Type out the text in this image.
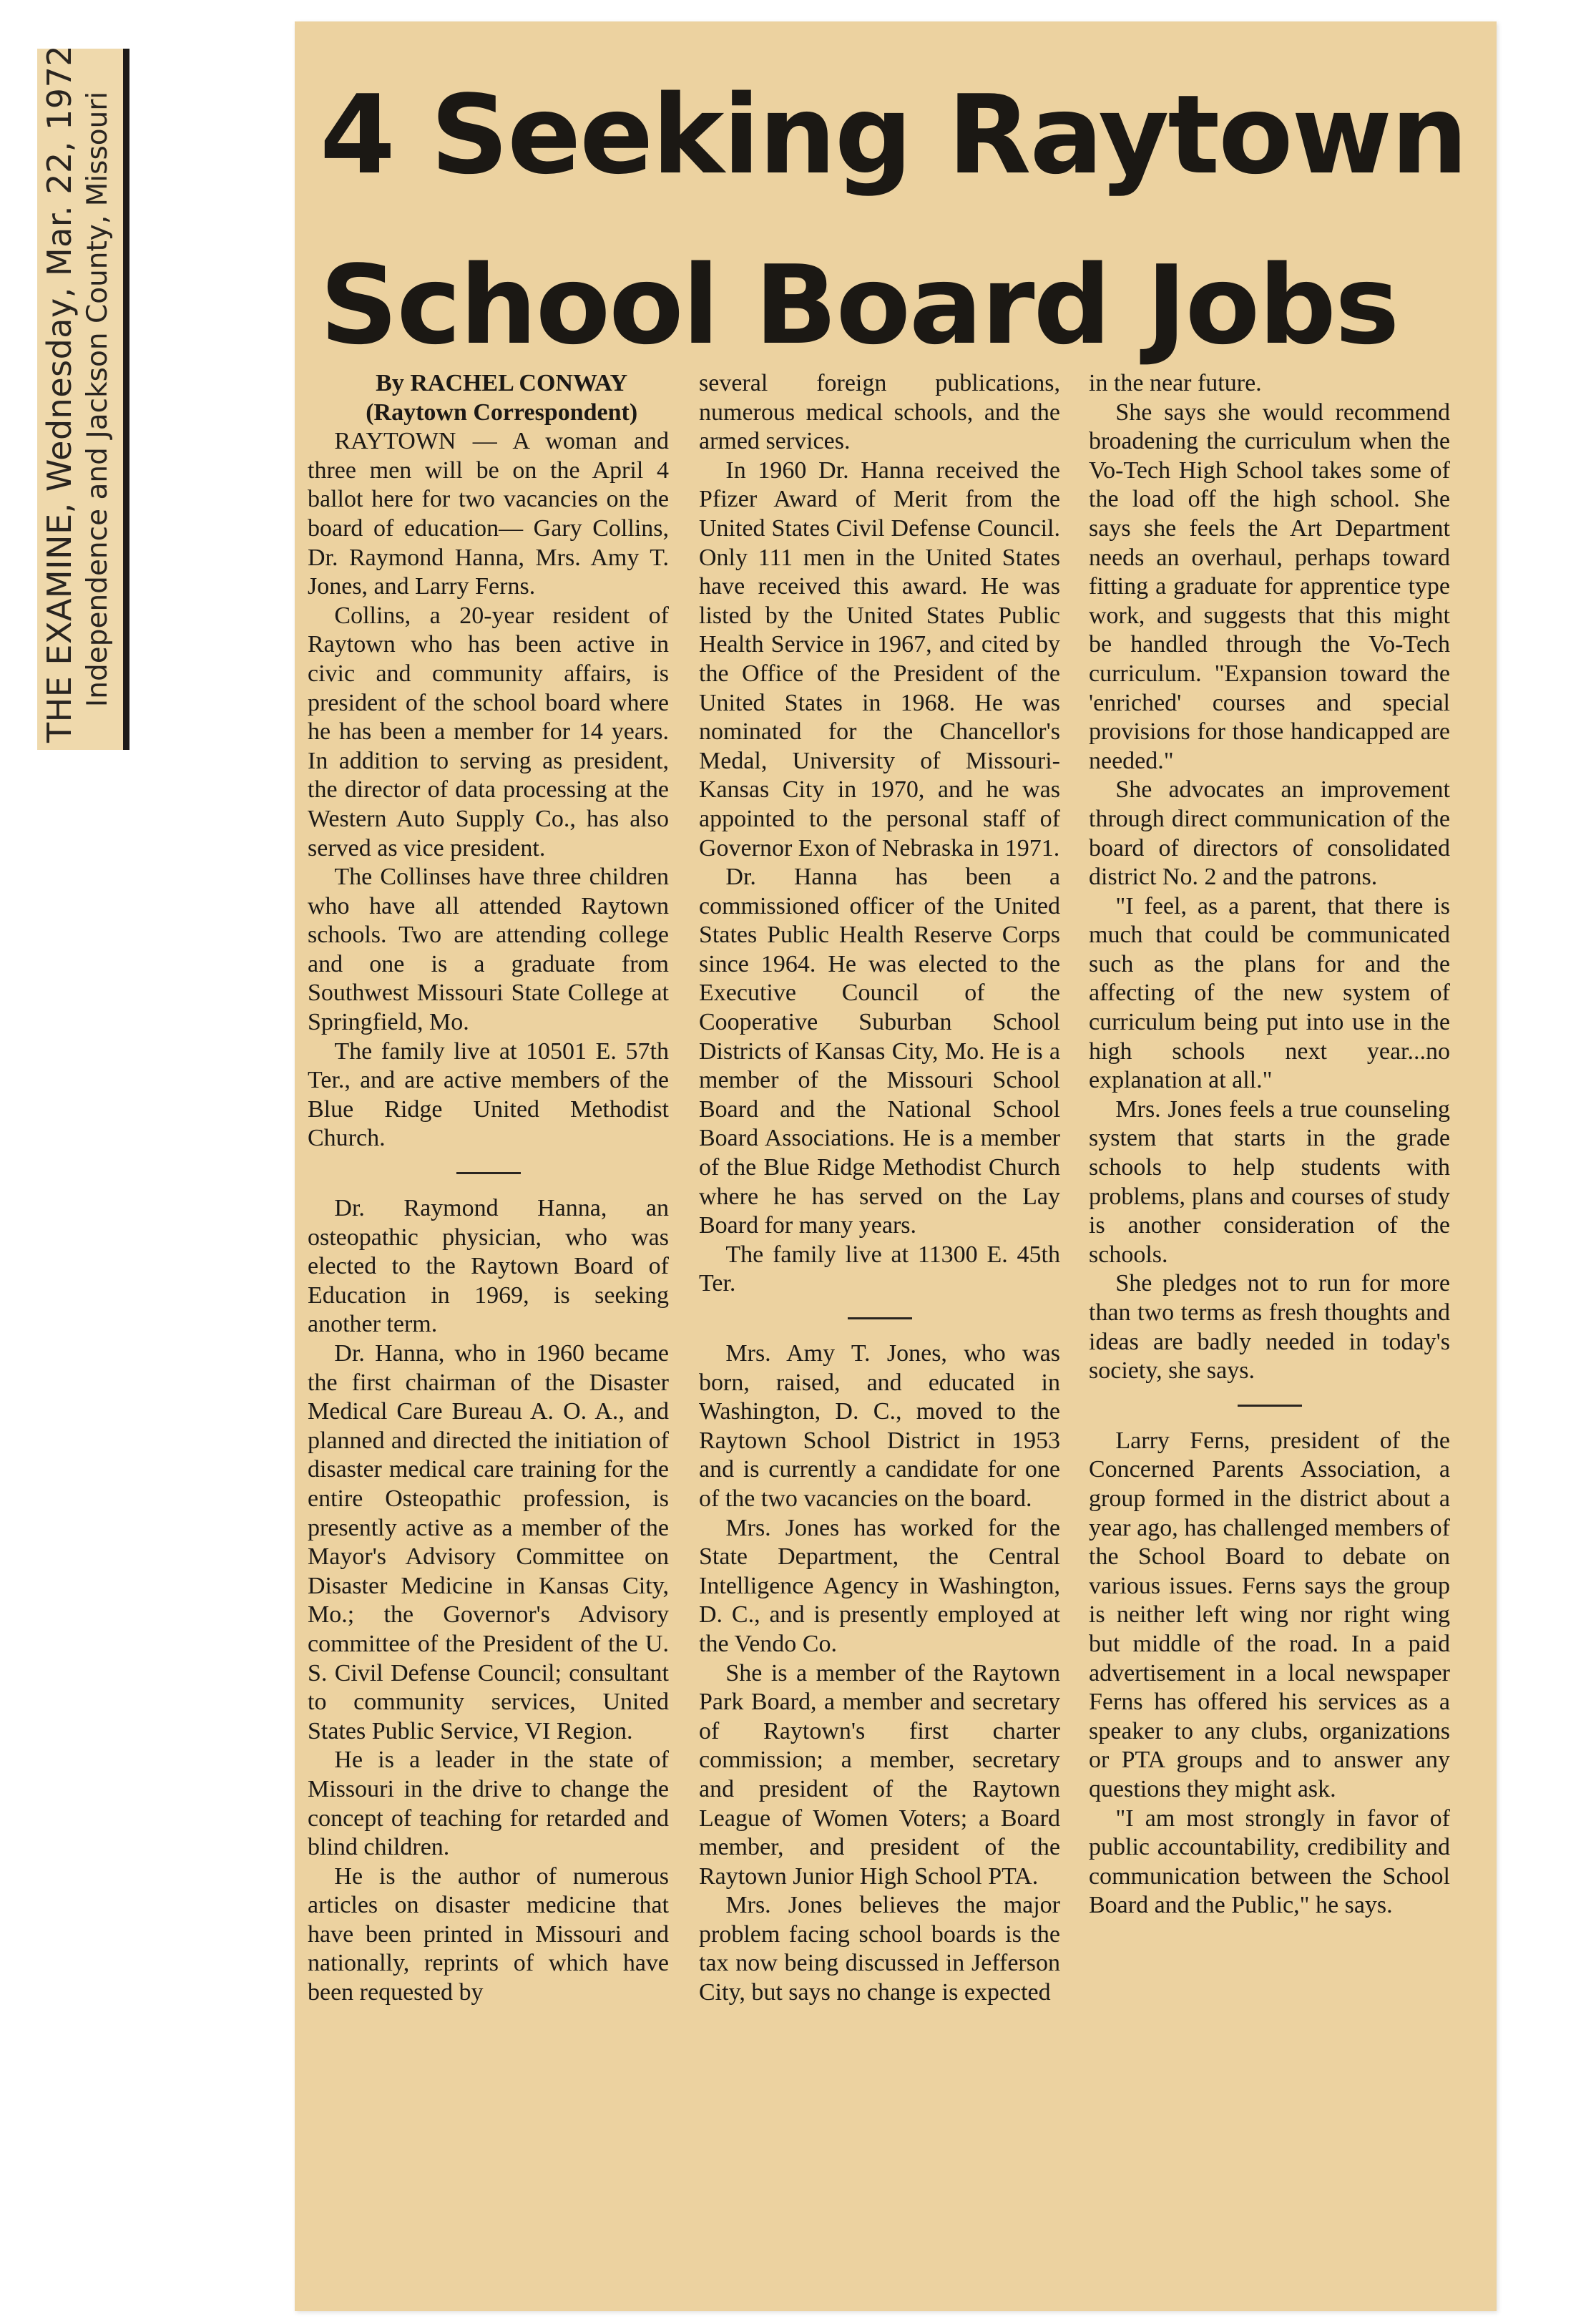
THE EXAMINE, Wednesday, Mar. 22, 1972 Independence and Jackson County, Missouri 4 Seeking Raytown
School Board Jobs

By RACHEL CONWAY

(Raytown Correspondent)

RAYTOWN — A woman and three men will be on the April 4 ballot here for two vacancies on the board of education— Gary Collins, Dr. Raymond Hanna, Mrs. Amy T. Jones, and Larry Ferns.

Collins, a 20-year resident of Raytown who has been active in civic and community affairs, is president of the school board where he has been a member for 14 years. In addition to serving as president, the director of data processing at the Western Auto Supply Co., has also served as vice president.

The Collinses have three children who have all attended Raytown schools. Two are attending college and one is a graduate from Southwest Missouri State College at Springfield, Mo.

The family live at 10501 E. 57th Ter., and are active members of the Blue Ridge United Methodist Church.

Dr. Raymond Hanna, an osteopathic physician, who was elected to the Raytown Board of Education in 1969, is seeking another term.

Dr. Hanna, who in 1960 became the first chairman of the Disaster Medical Care Bureau A. O. A., and planned and directed the initiation of disaster medical care training for the entire Osteopathic profession, is presently active as a member of the Mayor's Advisory Committee on Disaster Medicine in Kansas City, Mo.; the Governor's Advisory committee of the President of the U. S. Civil Defense Council; consultant to community services, United States Public Service, VI Region.

He is a leader in the state of Missouri in the drive to change the concept of teaching for retarded and blind children.

He is the author of numerous articles on disaster medicine that have been printed in Missouri and nationally, reprints of which have been requested by

several foreign publications, numerous medical schools, and the armed services.

In 1960 Dr. Hanna received the Pfizer Award of Merit from the United States Civil Defense Council. Only 111 men in the United States have received this award. He was listed by the United States Public Health Service in 1967, and cited by the Office of the President of the United States in 1968. He was nominated for the Chancellor's Medal, University of Missouri-Kansas City in 1970, and he was appointed to the personal staff of Governor Exon of Nebraska in 1971.

Dr. Hanna has been a commissioned officer of the United States Public Health Reserve Corps since 1964. He was elected to the Executive Council of the Cooperative Suburban School Districts of Kansas City, Mo. He is a member of the Missouri School Board and the National School Board Associations. He is a member of the Blue Ridge Methodist Church where he has served on the Lay Board for many years.

The family live at 11300 E. 45th Ter.

Mrs. Amy T. Jones, who was born, raised, and educated in Washington, D. C., moved to the Raytown School District in 1953 and is currently a candidate for one of the two vacancies on the board.

Mrs. Jones has worked for the State Department, the Central Intelligence Agency in Washington, D. C., and is presently employed at the Vendo Co.

She is a member of the Raytown Park Board, a member and secretary of Raytown's first charter commission; a member, secretary and president of the Raytown League of Women Voters; a Board member, and president of the Raytown Junior High School PTA.

Mrs. Jones believes the major problem facing school boards is the tax now being discussed in Jefferson City, but says no change is expected

in the near future.

She says she would recommend broadening the curriculum when the Vo-Tech High School takes some of the load off the high school. She says she feels the Art Department needs an overhaul, perhaps toward fitting a graduate for apprentice type work, and suggests that this might be handled through the Vo-Tech curriculum. "Expansion toward the 'enriched' courses and special provisions for those handicapped are needed."

She advocates an improvement through direct communication of the board of directors of consolidated district No. 2 and the patrons.

"I feel, as a parent, that there is much that could be communicated such as the plans for and the affecting of the new system of curriculum being put into use in the high schools next year...no explanation at all."

Mrs. Jones feels a true counseling system that starts in the grade schools to help students with problems, plans and courses of study is another consideration of the schools.

She pledges not to run for more than two terms as fresh thoughts and ideas are badly needed in today's society, she says.

Larry Ferns, president of the Concerned Parents Association, a group formed in the district about a year ago, has challenged members of the School Board to debate on various issues. Ferns says the group is neither left wing nor right wing but middle of the road. In a paid advertisement in a local newspaper Ferns has offered his services as a speaker to any clubs, organizations or PTA groups and to answer any questions they might ask.

"I am most strongly in favor of public accountability, credibility and communication between the School Board and the Public," he says.
